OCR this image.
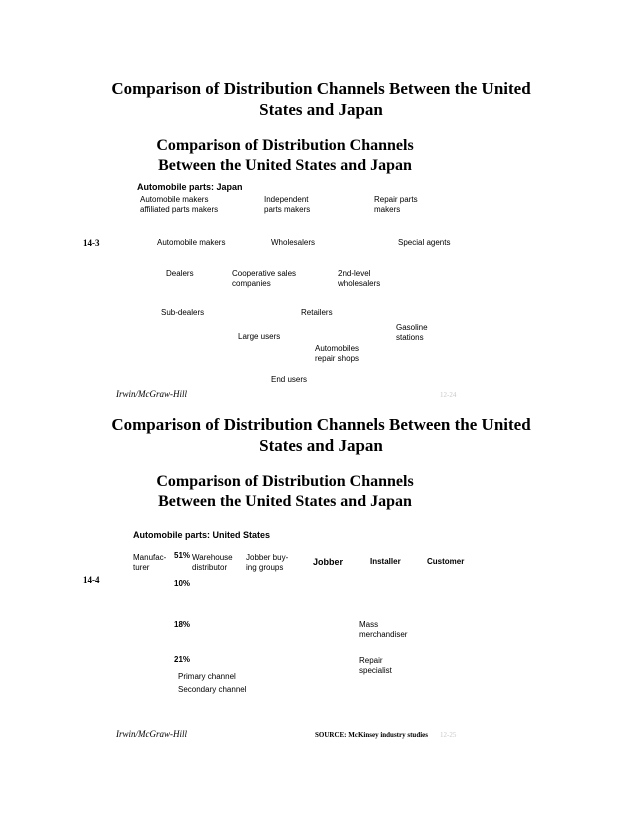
Comparison of Distribution Channels Between the United States and Japan
Comparison of Distribution Channels Between the United States and Japan
14-3
Automobile parts: Japan
Automobile makers affiliated parts makers
Independent parts makers
Repair parts makers
Automobile makers	Wholesalers	Special agents
Dealers	Cooperative sales companies
2nd-level wholesalers
Sub-dealers	Retailers
Gasoline stations
Large users
Automobiles repair shops
End users
Irwin/McGraw-Hill	12-24
Comparison of Distribution Channels Between the United States and Japan
Comparison of Distribution Channels Between the United States and Japan
14-4
Automobile parts: United States
Manufac- turer
51% Warehouse distributor
Jobber buy- ing groups
Jobber	Installer	Customer
10%
18%	Mass merchandiser
21%	Repair specialist
Primary channel
Secondary channel
Irwin/McGraw-Hill	SOURCE: McKinsey industry studies 12-25
